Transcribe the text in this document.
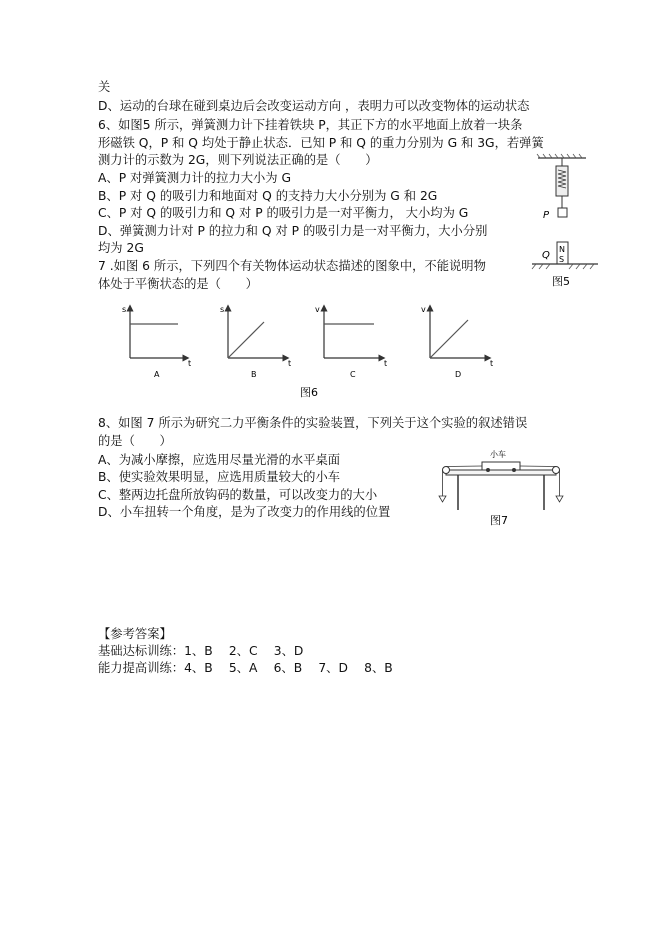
关
D、运动的台球在碰到桌边后会改变运动方向 ，表明力可以改变物体的运动状态
6、如图5 所示，弹簧测力计下挂着铁块 P，其正下方的水平地面上放着一块条
形磁铁 Q，P 和 Q 均处于静止状态．已知 P 和 Q 的重力分别为 G 和 3G，若弹簧
测力计的示数为 2G，则下列说法正确的是（　　）
A、P 对弹簧测力计的拉力大小为 G
B、P 对 Q 的吸引力和地面对 Q 的支持力大小分别为 G 和 2G
C、P 对 Q 的吸引力和 Q 对 P 的吸引力是一对平衡力， 大小均为 G
D、弹簧测力计对 P 的拉力和 Q 对 P 的吸引力是一对平衡力，大小分别
均为 2G
7 .如图 6 所示，下列四个有关物体运动状态描述的图象中，不能说明物
体处于平衡状态的是（　　）
8、如图 7 所示为研究二力平衡条件的实验装置，下列关于这个实验的叙述错误
的是（　　）
A、为减小摩擦，应选用尽量光滑的水平桌面
B、使实验效果明显，应选用质量较大的小车
C、整两边托盘所放钩码的数量，可以改变力的大小
D、小车扭转一个角度，是为了改变力的作用线的位置
【参考答案】
基础达标训练：1、B　 2、C　 3、D
能力提高训练：4、B　 5、A　 6、B　 7、D　 8、B
P
N
S
Q
图5
s
t
A
s
t
B
v
t
C
v
t
D
图6
小车
图7
